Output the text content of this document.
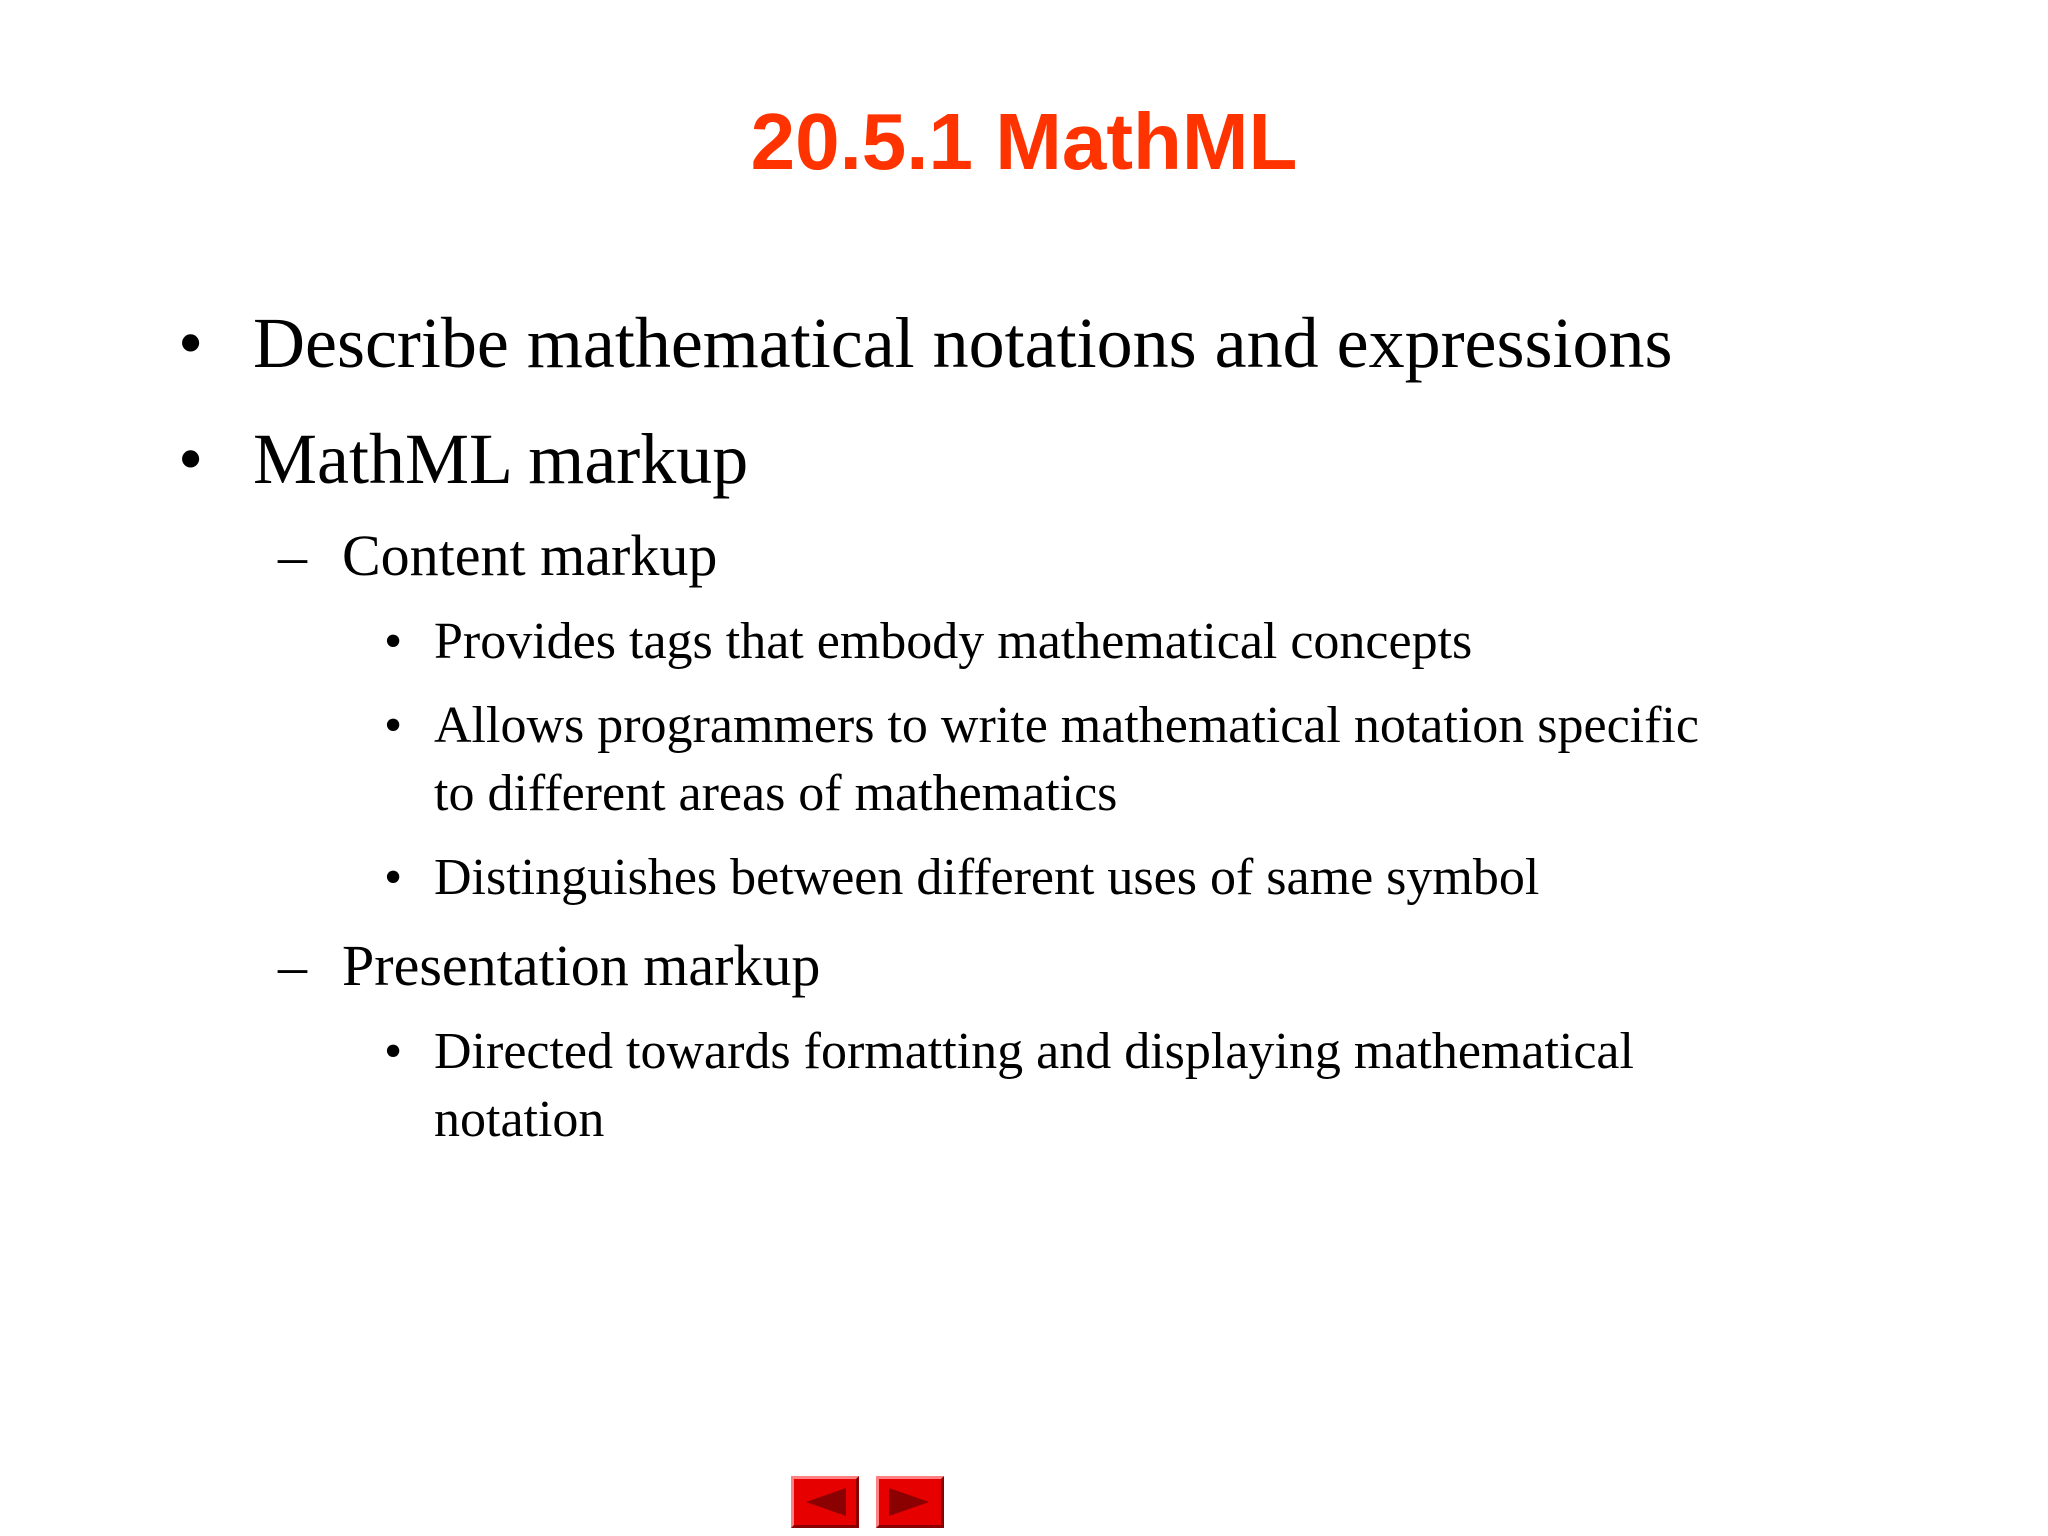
20.5.1 MathML
• Describe mathematical notations and expressions
• MathML markup
– Content markup
• Provides tags that embody mathematical concepts
• Allows programmers to write mathematical notation specific
to different areas of mathematics
• Distinguishes between different uses of same symbol
– Presentation markup
• Directed towards formatting and displaying mathematical
notation
